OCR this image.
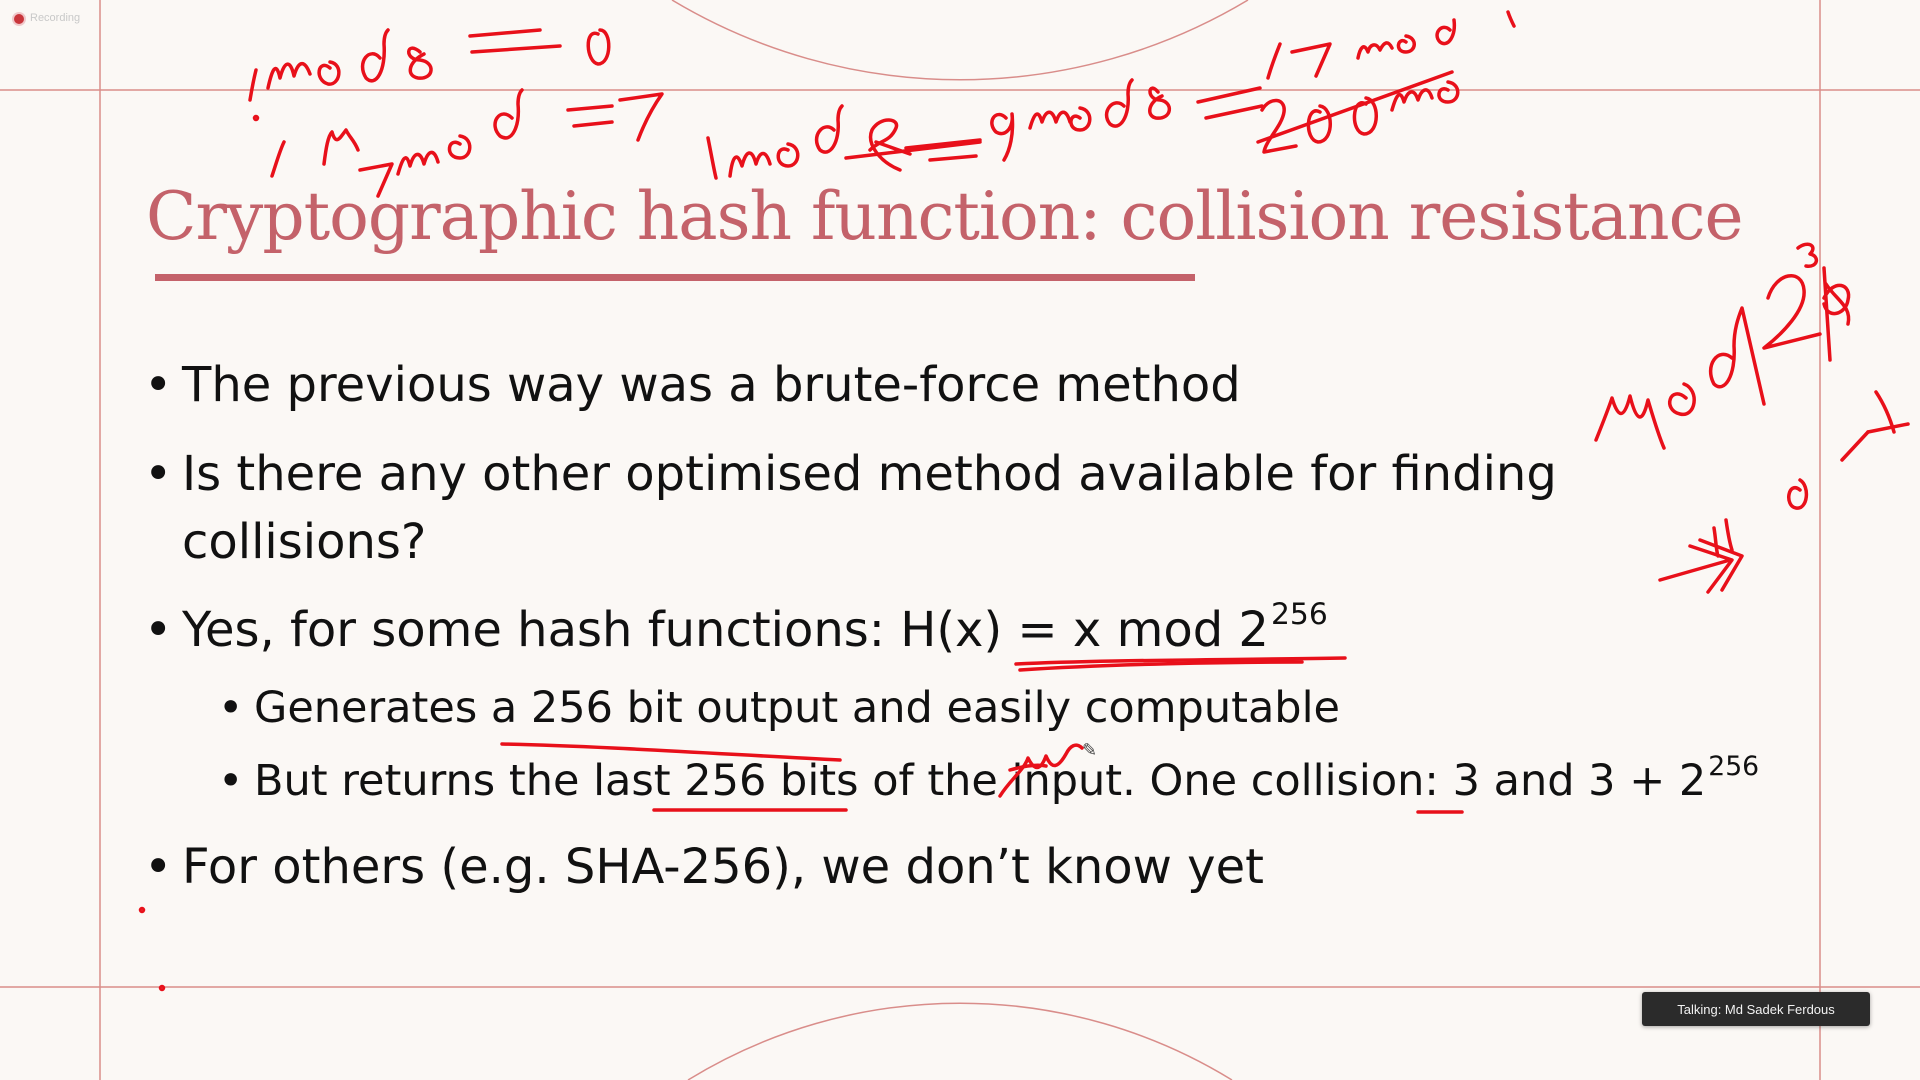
Recording
Cryptographic hash function: collision resistance
• The previous way was a brute-force method
• Is there any other optimised method available for finding
collisions?
• Yes, for some hash functions: H(x) = x mod $2^{256}$
• Generates a 256 bit output and easily computable
• But returns the last 256 bits of the input. One collision: 3 and $3 + 2^{256}$
• For others (e.g. SHA-256), we don’t know yet
✎
Talking: Md Sadek Ferdous
